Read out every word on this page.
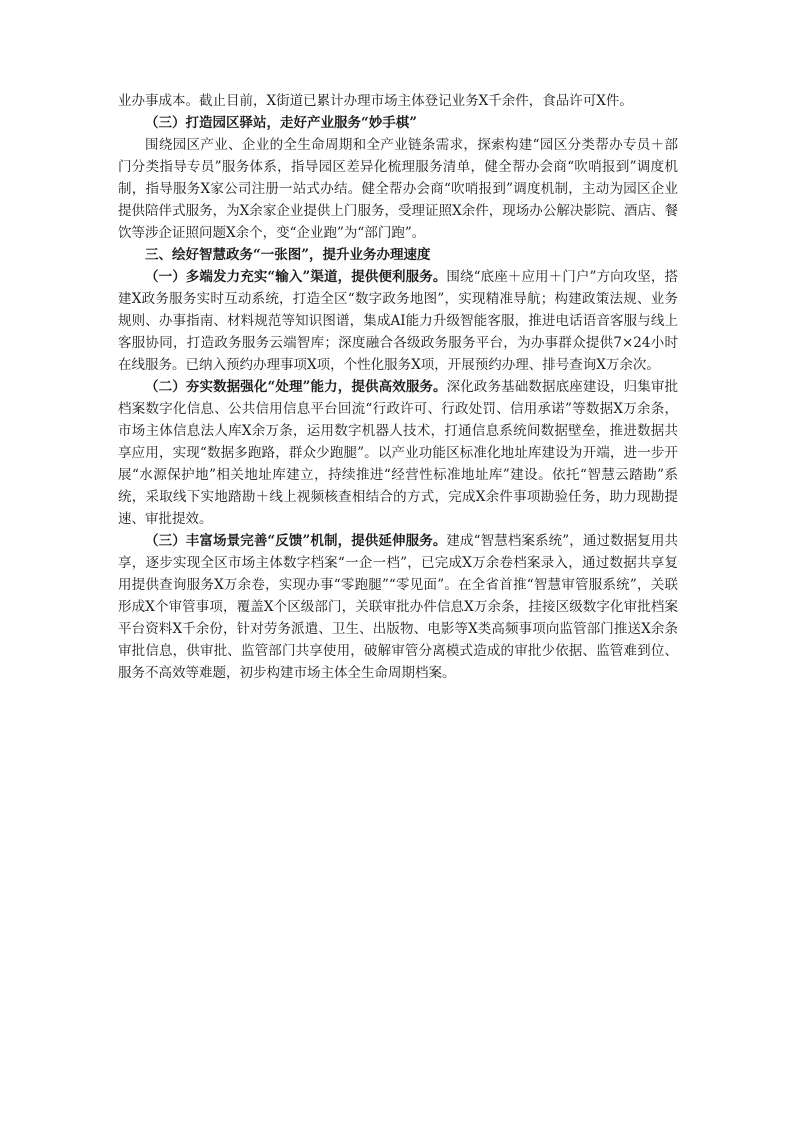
业办事成本。截止目前，X街道已累计办理市场主体登记业务X千余件，食品许可X件。

（三）打造园区驿站，走好产业服务“妙手棋”

围绕园区产业、企业的全生命周期和全产业链条需求，探索构建“园区分类帮办专员＋部门分类指导专员”服务体系，指导园区差异化梳理服务清单，健全帮办会商“吹哨报到”调度机制，指导服务X家公司注册一站式办结。健全帮办会商“吹哨报到”调度机制，主动为园区企业提供陪伴式服务，为X余家企业提供上门服务，受理证照X余件，现场办公解决影院、酒店、餐饮等涉企证照问题X余个，变“企业跑”为“部门跑”。

三、绘好智慧政务“一张图”，提升业务办理速度

（一）多端发力充实“输入”渠道，提供便利服务。围绕“底座＋应用＋门户”方向攻坚，搭建X政务服务实时互动系统，打造全区“数字政务地图”，实现精准导航；构建政策法规、业务规则、办事指南、材料规范等知识图谱，集成AI能力升级智能客服，推进电话语音客服与线上客服协同，打造政务服务云端智库；深度融合各级政务服务平台，为办事群众提供7×24小时在线服务。已纳入预约办理事项X项，个性化服务X项，开展预约办理、排号查询X万余次。

（二）夯实数据强化“处理”能力，提供高效服务。深化政务基础数据底座建设，归集审批档案数字化信息、公共信用信息平台回流“行政许可、行政处罚、信用承诺”等数据X万余条，市场主体信息法人库X余万条，运用数字机器人技术，打通信息系统间数据壁垒，推进数据共享应用，实现“数据多跑路，群众少跑腿”。以产业功能区标准化地址库建设为开端，进一步开展“水源保护地”相关地址库建立，持续推进“经营性标准地址库”建设。依托“智慧云踏勘”系统，采取线下实地踏勘＋线上视频核查相结合的方式，完成X余件事项勘验任务，助力现勘提速、审批提效。

（三）丰富场景完善“反馈”机制，提供延伸服务。建成“智慧档案系统”，通过数据复用共享，逐步实现全区市场主体数字档案“一企一档”，已完成X万余卷档案录入，通过数据共享复用提供查询服务X万余卷，实现办事“零跑腿”“零见面”。在全省首推“智慧审管服系统”，关联形成X个审管事项，覆盖X个区级部门，关联审批办件信息X万余条，挂接区级数字化审批档案平台资料X千余份，针对劳务派遣、卫生、出版物、电影等X类高频事项向监管部门推送X余条审批信息，供审批、监管部门共享使用，破解审管分离模式造成的审批少依据、监管难到位、服务不高效等难题，初步构建市场主体全生命周期档案。
